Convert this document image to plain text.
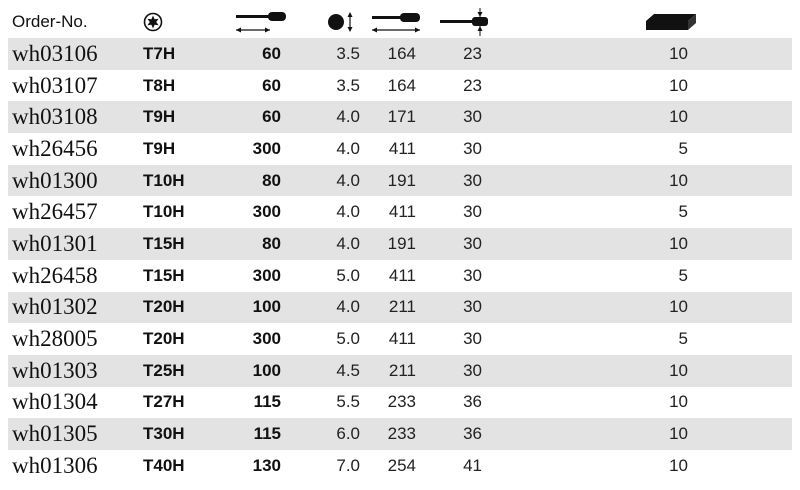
Order-No.
wh03106	T7H	60	3.5	164	23	10
wh03107	T8H	60	3.5	164	23	10
wh03108	T9H	60	4.0	171	30	10
wh26456	T9H	300	4.0	411	30	5
wh01300	T10H	80	4.0	191	30	10
wh26457	T10H	300	4.0	411	30	5
wh01301	T15H	80	4.0	191	30	10
wh26458	T15H	300	5.0	411	30	5
wh01302	T20H	100	4.0	211	30	10
wh28005	T20H	300	5.0	411	30	5
wh01303	T25H	100	4.5	211	30	10
wh01304	T27H	115	5.5	233	36	10
wh01305	T30H	115	6.0	233	36	10
wh01306	T40H	130	7.0	254	41	10
